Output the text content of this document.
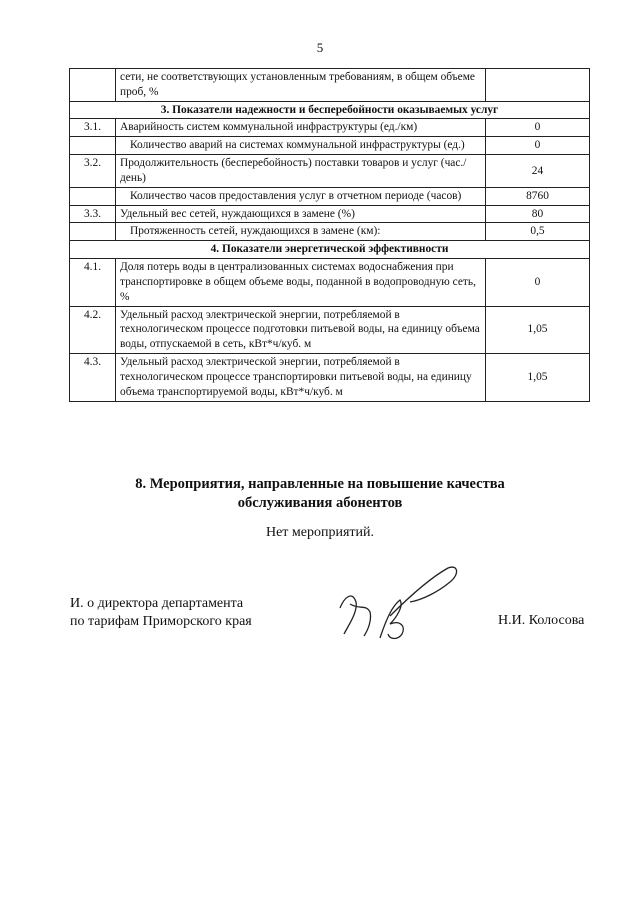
5
	сети, не соответствующих установленным требованиям, в общем объеме проб, %	
3. Показатели надежности и бесперебойности оказываемых услуг		
3.1.	Аварийность систем коммунальной инфраструктуры (ед./км)	0
	Количество аварий на системах коммунальной инфраструктуры (ед.)	0
3.2.	Продолжительность (бесперебойность) поставки товаров и услуг (час./день)	24
	Количество часов предоставления услуг в отчетном периоде (часов)	8760
3.3.	Удельный вес сетей, нуждающихся в замене (%)	80
	Протяженность сетей, нуждающихся в замене (км):	0,5
4. Показатели энергетической эффективности		
4.1.	Доля потерь воды в централизованных системах водоснабжения при транспортировке в общем объеме воды, поданной в водопроводную сеть, %	0
4.2.	Удельный расход электрической энергии, потребляемой в технологическом процессе подготовки питьевой воды, на единицу объема воды, отпускаемой в сеть, кВт*ч/куб. м	1,05
4.3.	Удельный расход электрической энергии, потребляемой в технологическом процессе транспортировки питьевой воды, на единицу объема транспортируемой воды, кВт*ч/куб. м	1,05
8. Мероприятия, направленные на повышение качества
обслуживания абонентов
Нет мероприятий.
И. о директора департамента
по тарифам Приморского края	Н.И. Колосова
